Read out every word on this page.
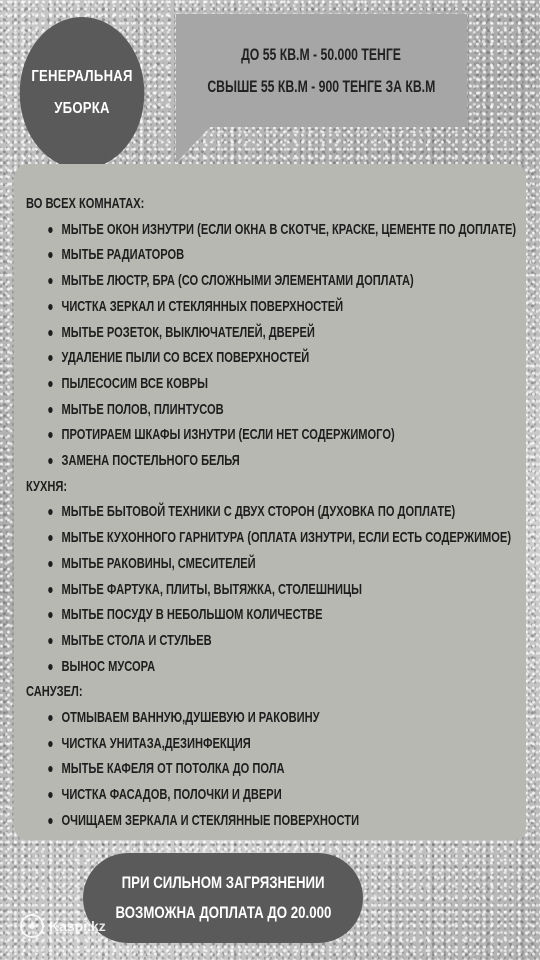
ГЕНЕРАЛЬНАЯ
УБОРКА
ДО 55 КВ.М - 50.000 ТЕНГЕ
СВЫШЕ 55 КВ.М - 900 ТЕНГЕ ЗА КВ.М
ВО ВСЕХ КОМНАТАХ:
МЫТЬЕ ОКОН ИЗНУТРИ (ЕСЛИ ОКНА В СКОТЧЕ, КРАСКЕ, ЦЕМЕНТЕ ПО ДОПЛАТЕ)
МЫТЬЕ РАДИАТОРОВ
МЫТЬЕ ЛЮСТР, БРА (СО СЛОЖНЫМИ ЭЛЕМЕНТАМИ ДОПЛАТА)
ЧИСТКА ЗЕРКАЛ И СТЕКЛЯННЫХ ПОВЕРХНОСТЕЙ
МЫТЬЕ РОЗЕТОК, ВЫКЛЮЧАТЕЛЕЙ, ДВЕРЕЙ
УДАЛЕНИЕ ПЫЛИ СО ВСЕХ ПОВЕРХНОСТЕЙ
ПЫЛЕСОСИМ ВСЕ КОВРЫ
МЫТЬЕ ПОЛОВ, ПЛИНТУСОВ
ПРОТИРАЕМ ШКАФЫ ИЗНУТРИ (ЕСЛИ НЕТ СОДЕРЖИМОГО)
ЗАМЕНА ПОСТЕЛЬНОГО БЕЛЬЯ
КУХНЯ:
МЫТЬЕ БЫТОВОЙ ТЕХНИКИ С ДВУХ СТОРОН (ДУХОВКА ПО ДОПЛАТЕ)
МЫТЬЕ КУХОННОГО ГАРНИТУРА (ОПЛАТА ИЗНУТРИ, ЕСЛИ ЕСТЬ СОДЕРЖИМОЕ)
МЫТЬЕ РАКОВИНЫ, СМЕСИТЕЛЕЙ
МЫТЬЕ ФАРТУКА, ПЛИТЫ, ВЫТЯЖКА, СТОЛЕШНИЦЫ
МЫТЬЕ ПОСУДУ В НЕБОЛЬШОМ КОЛИЧЕСТВЕ
МЫТЬЕ СТОЛА И СТУЛЬЕВ
ВЫНОС МУСОРА
САНУЗЕЛ:
ОТМЫВАЕМ ВАННУЮ,ДУШЕВУЮ И РАКОВИНУ
ЧИСТКА УНИТАЗА,ДЕЗИНФЕКЦИЯ
МЫТЬЕ КАФЕЛЯ ОТ ПОТОЛКА ДО ПОЛА
ЧИСТКА ФАСАДОВ, ПОЛОЧКИ И ДВЕРИ
ОЧИЩАЕМ ЗЕРКАЛА И СТЕКЛЯННЫЕ ПОВЕРХНОСТИ
ПРИ СИЛЬНОМ ЗАГРЯЗНЕНИИ
ВОЗМОЖНА ДОПЛАТА ДО 20.000
Kaspi.kz
